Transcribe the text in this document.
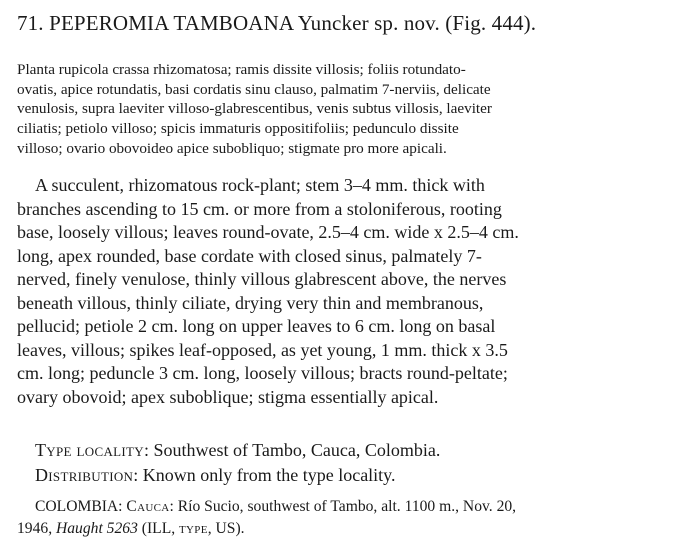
71. PEPEROMIA TAMBOANA Yuncker sp. nov. (Fig. 444).
Planta rupicola crassa rhizomatosa; ramis dissite villosis; foliis rotundato-
ovatis, apice rotundatis, basi cordatis sinu clauso, palmatim 7-nerviis, delicate
venulosis, supra laeviter villoso-glabrescentibus, venis subtus villosis, laeviter
ciliatis; petiolo villoso; spicis immaturis oppositifoliis; pedunculo dissite
villoso; ovario obovoideo apice subobliquo; stigmate pro more apicali.
A succulent, rhizomatous rock-plant; stem 3–4 mm. thick with
branches ascending to 15 cm. or more from a stoloniferous, rooting
base, loosely villous; leaves round-ovate, 2.5–4 cm. wide x 2.5–4 cm.
long, apex rounded, base cordate with closed sinus, palmately 7-
nerved, finely venulose, thinly villous glabrescent above, the nerves
beneath villous, thinly ciliate, drying very thin and membranous,
pellucid; petiole 2 cm. long on upper leaves to 6 cm. long on basal
leaves, villous; spikes leaf-opposed, as yet young, 1 mm. thick x 3.5
cm. long; peduncle 3 cm. long, loosely villous; bracts round-peltate;
ovary obovoid; apex suboblique; stigma essentially apical.
Type locality: Southwest of Tambo, Cauca, Colombia.
Distribution: Known only from the type locality.
COLOMBIA: Cauca: Río Sucio, southwest of Tambo, alt. 1100 m., Nov. 20,
1946, Haught 5263 (ILL, type, US).
